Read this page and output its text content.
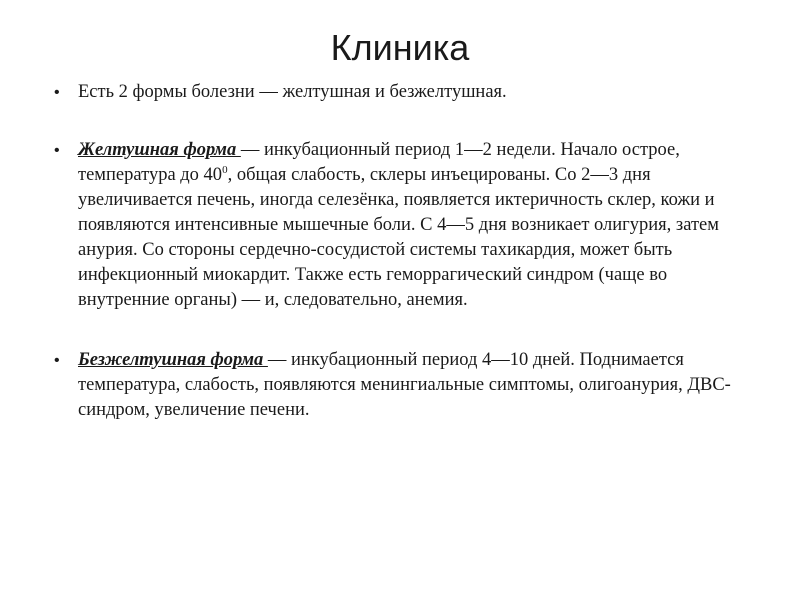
Клиника
• Есть 2 формы болезни — желтушная и безжелтушная.
• Желтушная форма — инкубационный период 1—2 недели. Начало острое, температура до $40^0$, общая слабость, склеры инъецированы. Со 2—3 дня увеличивается печень, иногда селезёнка, появляется иктеричность склер, кожи и появляются интенсивные мышечные боли. С 4—5 дня возникает олигурия, затем анурия. Со стороны сердечно-сосудистой системы тахикардия, может быть инфекционный миокардит. Также есть геморрагический синдром (чаще во внутренние органы) — и, следовательно, анемия.
• Безжелтушная форма — инкубационный период 4—10 дней. Поднимается температура, слабость, появляются менингиальные симптомы, олигоанурия, ДВС-синдром, увеличение печени.
